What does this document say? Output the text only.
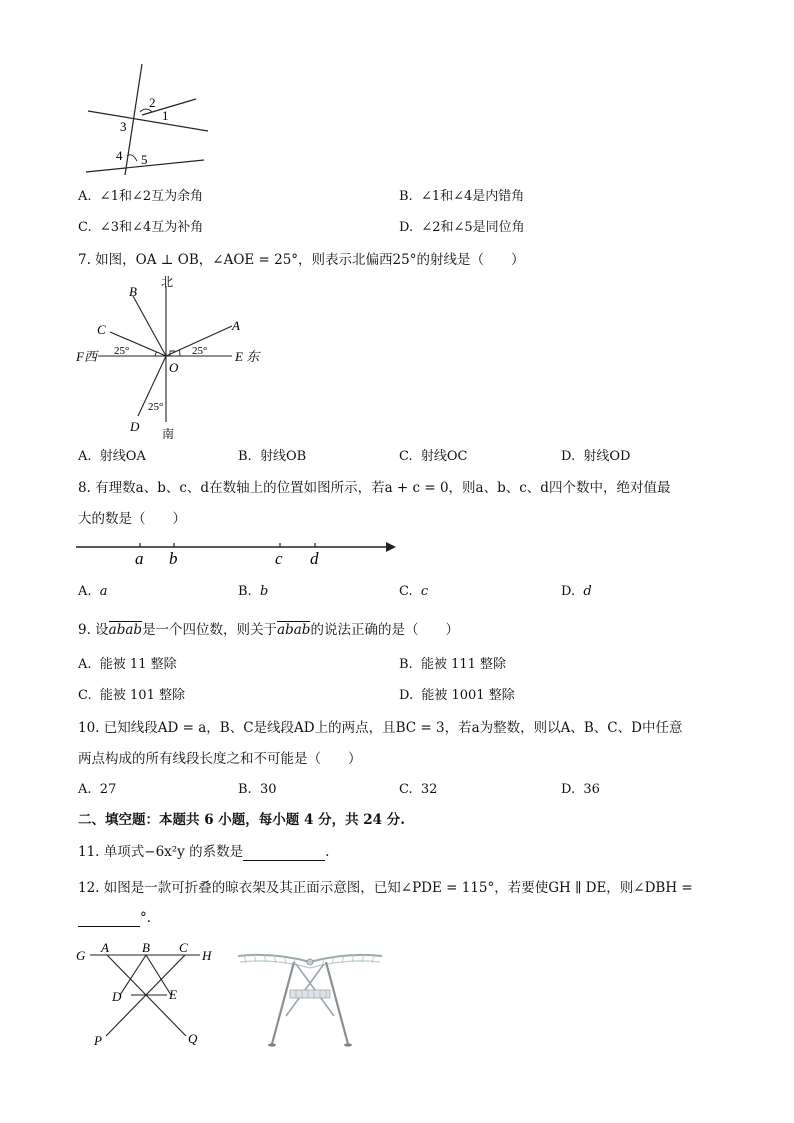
2
1
3
4 5
A. ∠1和∠2互为余角	B. ∠1和∠4是内错角
C. ∠3和∠4互为补角	D. ∠2和∠5是同位角
7. 如图，OA ⊥ OB，∠AOE = 25°，则表示北偏西25°的射线是（　　）
北
南
E 东
F西
A
B
C
D
O
25°	25°
25°
A. 射线OA	B. 射线OB	C. 射线OC	D. 射线OD
8. 有理数a、b、c、d在数轴上的位置如图所示，若a + c = 0，则a、b、c、d四个数中，绝对值最
大的数是（　　）
a b	c d
A. a	B. b	C. c	D. d
9. 设abab是一个四位数，则关于abab的说法正确的是（　　）
A. 能被 11 整除	B. 能被 111 整除
C. 能被 101 整除	D. 能被 1001 整除
10. 已知线段AD = a，B、C是线段AD上的两点，且BC = 3，若a为整数，则以A、B、C、D中任意
两点构成的所有线段长度之和不可能是（　　）
A. 27	B. 30	C. 32	D. 36
二、填空题：本题共 6 小题，每小题 4 分，共 24 分.
11. 单项式−6x²y 的系数是	.
12. 如图是一款可折叠的晾衣架及其正面示意图，已知∠PDE = 115°，若要使GH ∥ DE，则∠DBH =
°.
G
A	B C
H
D	E
P	Q
